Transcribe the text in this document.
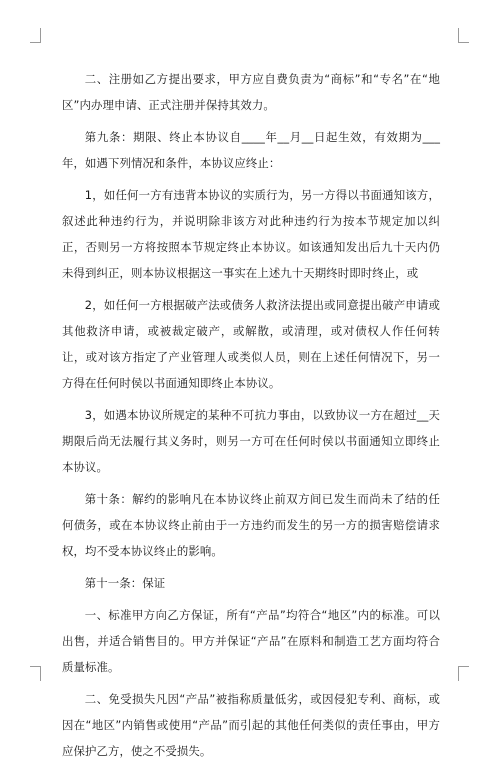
二、注册如乙方提出要求，甲方应自费负责为“商标”和“专名”在“地区”内办理申请、正式注册并保持其效力。

第九条：期限、终止本协议自____年__月__日起生效，有效期为___年，如遇下列情况和条件，本协议应终止：

1，如任何一方有违背本协议的实质行为，另一方得以书面通知该方，叙述此种违约行为，并说明除非该方对此种违约行为按本节规定加以纠正，否则另一方将按照本节规定终止本协议。如该通知发出后九十天内仍未得到纠正，则本协议根据这一事实在上述九十天期终时即时终止，或

2，如任何一方根据破产法或债务人救济法提出或同意提出破产申请或其他救济申请，或被裁定破产，或解散，或清理，或对债权人作任何转让，或对该方指定了产业管理人或类似人员，则在上述任何情况下，另一方得在任何时侯以书面通知即终止本协议。

3，如遇本协议所规定的某种不可抗力事由，以致协议一方在超过__天期限后尚无法履行其义务时，则另一方可在任何时侯以书面通知立即终止本协议。

第十条：解约的影响凡在本协议终止前双方间已发生而尚未了结的任何债务，或在本协议终止前由于一方违约而发生的另一方的损害赔偿请求权，均不受本协议终止的影响。

第十一条：保证

一、标准甲方向乙方保证，所有“产品”均符合“地区”内的标准。可以出售，并适合销售目的。甲方并保证“产品”在原料和制造工艺方面均符合质量标准。

二、免受损失凡因“产品”被指称质量低劣，或因侵犯专利、商标，或因在“地区”内销售或使用“产品”而引起的其他任何类似的责任事由，甲方应保护乙方，使之不受损失。
